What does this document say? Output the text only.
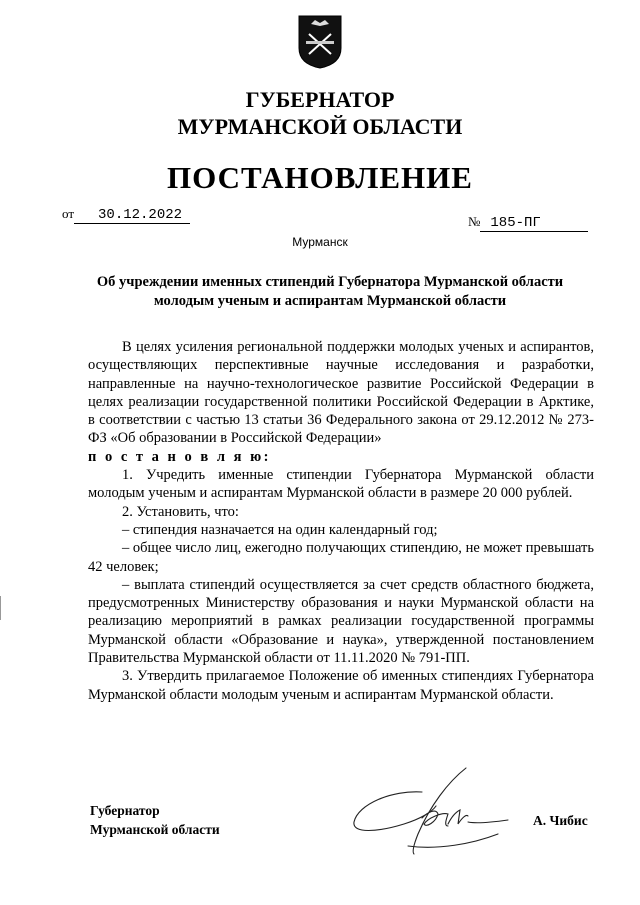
ГУБЕРНАТОР
МУРМАНСКОЙ ОБЛАСТИ
ПОСТАНОВЛЕНИЕ
от 30.12.2022	№ 185-ПГ
Мурманск
Об учреждении именных стипендий Губернатора Мурманской области
молодым ученым и аспирантам Мурманской области

В целях усиления региональной поддержки молодых ученых и аспирантов, осуществляющих перспективные научные исследования и разработки, направленные на научно-технологическое развитие Российской Федерации в целях реализации государственной политики Российской Федерации в Арктике, в соответствии с частью 13 статьи 36 Федерального закона от 29.12.2012 № 273-ФЗ «Об образовании в Российской Федерации»

п о с т а н о в л я ю:

1. Учредить именные стипендии Губернатора Мурманской области молодым ученым и аспирантам Мурманской области в размере 20 000 рублей.

2. Установить, что:

– стипендия назначается на один календарный год;

– общее число лиц, ежегодно получающих стипендию, не может превышать 42 человек;

– выплата стипендий осуществляется за счет средств областного бюджета, предусмотренных Министерству образования и науки Мурманской области на реализацию мероприятий в рамках реализации государственной программы Мурманской области «Образование и наука», утвержденной постановлением Правительства Мурманской области от 11.11.2020 № 791-ПП.

3. Утвердить прилагаемое Положение об именных стипендиях Губернатора Мурманской области молодым ученым и аспирантам Мурманской области.

Губернатор
Мурманской области
А. Чибис
